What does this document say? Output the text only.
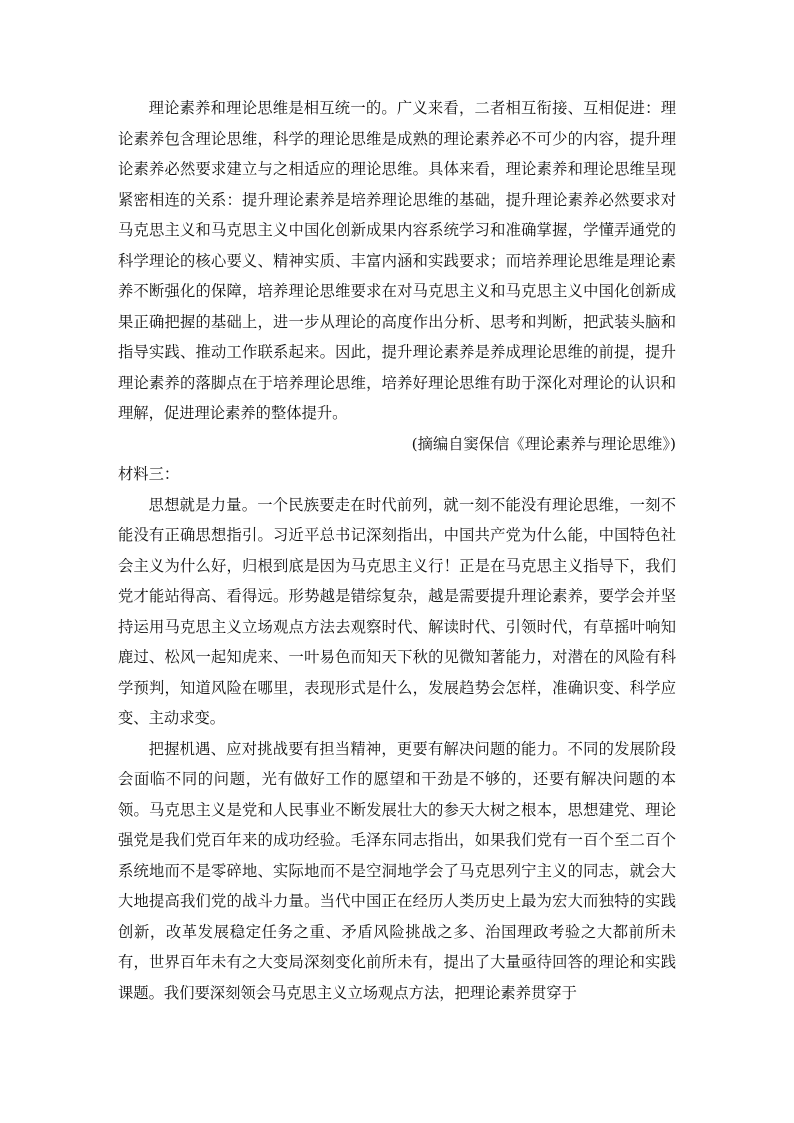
理论素养和理论思维是相互统一的。广义来看，二者相互衔接、互相促进：理论素养包含理论思维，科学的理论思维是成熟的理论素养必不可少的内容，提升理论素养必然要求建立与之相适应的理论思维。具体来看，理论素养和理论思维呈现紧密相连的关系：提升理论素养是培养理论思维的基础，提升理论素养必然要求对马克思主义和马克思主义中国化创新成果内容系统学习和准确掌握，学懂弄通党的科学理论的核心要义、精神实质、丰富内涵和实践要求；而培养理论思维是理论素养不断强化的保障，培养理论思维要求在对马克思主义和马克思主义中国化创新成果正确把握的基础上，进一步从理论的高度作出分析、思考和判断，把武装头脑和指导实践、推动工作联系起来。因此，提升理论素养是养成理论思维的前提，提升理论素养的落脚点在于培养理论思维，培养好理论思维有助于深化对理论的认识和理解，促进理论素养的整体提升。

(摘编自窦保信《理论素养与理论思维》)

材料三：

思想就是力量。一个民族要走在时代前列，就一刻不能没有理论思维，一刻不能没有正确思想指引。习近平总书记深刻指出，中国共产党为什么能，中国特色社会主义为什么好，归根到底是因为马克思主义行！正是在马克思主义指导下，我们党才能站得高、看得远。形势越是错综复杂，越是需要提升理论素养，要学会并坚持运用马克思主义立场观点方法去观察时代、解读时代、引领时代，有草摇叶响知鹿过、松风一起知虎来、一叶易色而知天下秋的见微知著能力，对潜在的风险有科学预判，知道风险在哪里，表现形式是什么，发展趋势会怎样，准确识变、科学应变、主动求变。

把握机遇、应对挑战要有担当精神，更要有解决问题的能力。不同的发展阶段会面临不同的问题，光有做好工作的愿望和干劲是不够的，还要有解决问题的本领。马克思主义是党和人民事业不断发展壮大的参天大树之根本，思想建党、理论强党是我们党百年来的成功经验。毛泽东同志指出，如果我们党有一百个至二百个系统地而不是零碎地、实际地而不是空洞地学会了马克思列宁主义的同志，就会大大地提高我们党的战斗力量。当代中国正在经历人类历史上最为宏大而独特的实践创新，改革发展稳定任务之重、矛盾风险挑战之多、治国理政考验之大都前所未有，世界百年未有之大变局深刻变化前所未有，提出了大量亟待回答的理论和实践课题。我们要深刻领会马克思主义立场观点方法，把理论素养贯穿于
